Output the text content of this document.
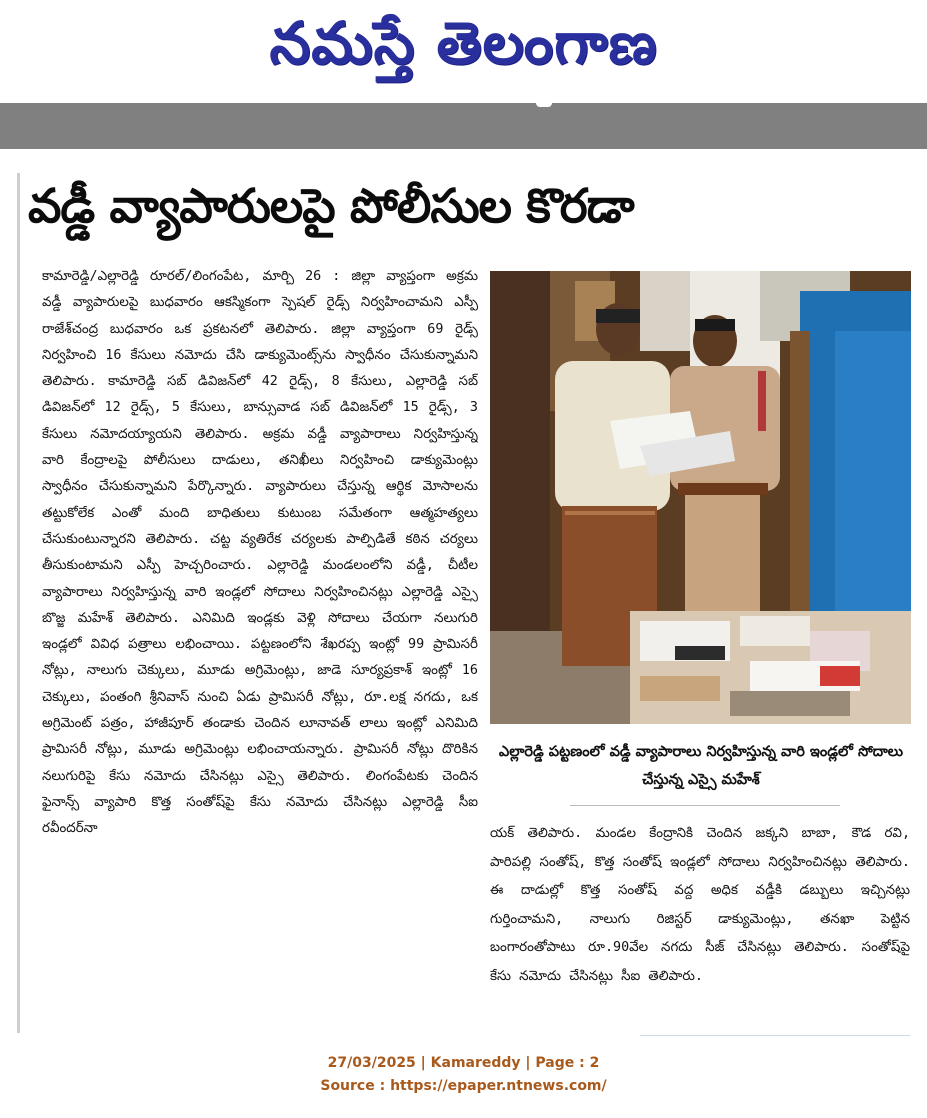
నమస్తే తెలంగాణ
వడ్డీ వ్యాపారులపై పోలీసుల కొరడా

కామారెడ్డి/ఎల్లారెడ్డి రూరల్/లింగంపేట, మార్చి 26 : జిల్లా వ్యాప్తంగా అక్రమ వడ్డీ వ్యాపారులపై బుధవారం ఆకస్మికంగా స్పెషల్ రైడ్స్ నిర్వహించామని ఎస్పీ రాజేశ్‌చంద్ర బుధవారం ఒక ప్రకటనలో తెలిపారు. జిల్లా వ్యాప్తంగా 69 రైడ్స్ నిర్వహించి 16 కేసులు నమోదు చేసి డాక్యుమెంట్స్‌ను స్వాధీనం చేసుకున్నామని తెలిపారు. కామారెడ్డి సబ్ డివిజన్‌లో 42 రైడ్స్, 8 కేసులు, ఎల్లారెడ్డి సబ్ డివిజన్‌లో 12 రైడ్స్, 5 కేసులు, బాన్సువాడ సబ్ డివిజన్‌లో 15 రైడ్స్, 3 కేసులు నమోదయ్యాయని తెలిపారు. అక్రమ వడ్డీ వ్యాపారాలు నిర్వహిస్తున్న వారి కేంద్రాలపై పోలీసులు దాడులు, తనిఖీలు నిర్వహించి డాక్యుమెంట్లు స్వాధీనం చేసుకున్నామని పేర్కొన్నారు. వ్యాపారులు చేస్తున్న ఆర్థిక మోసాలను తట్టుకోలేక ఎంతో మంది బాధితులు కుటుంబ సమేతంగా ఆత్మహత్యలు చేసుకుంటున్నారని తెలిపారు. చట్ట వ్యతిరేక చర్యలకు పాల్పిడితే కఠిన చర్యలు తీసుకుంటామని ఎస్పీ హెచ్చరించారు. ఎల్లారెడ్డి మండలంలోని వడ్డీ, చీటీల వ్యాపారాలు నిర్వహిస్తున్న వారి ఇండ్లలో సోదాలు నిర్వహించినట్లు ఎల్లారెడ్డి ఎస్సై బొజ్జ మహేశ్ తెలిపారు. ఎనిమిది ఇండ్లకు వెళ్లి సోదాలు చేయగా నలుగురి ఇండ్లలో వివిధ పత్రాలు లభించాయి. పట్టణంలోని శేఖరప్ప ఇంట్లో 99 ప్రామిసరీ నోట్లు, నాలుగు చెక్కులు, మూడు అగ్రిమెంట్లు, జాడె సూర్యప్రకాశ్ ఇంట్లో 16 చెక్కులు, పంతంగి శ్రీనివాస్ నుంచి ఏడు ప్రామిసరీ నోట్లు, రూ.లక్ష నగదు, ఒక అగ్రిమెంట్ పత్రం, హాజీపూర్ తండాకు చెందిన లూనావత్ లాలు ఇంట్లో ఎనిమిది ప్రామిసరీ నోట్లు, మూడు అగ్రిమెంట్లు లభించాయన్నారు. ప్రామిసరీ నోట్లు దొరికిన నలుగురిపై కేసు నమోదు చేసినట్లు ఎస్సై తెలిపారు. లింగంపేటకు చెందిన ఫైనాన్స్ వ్యాపారి కొత్త సంతోష్‌పై కేసు నమోదు చేసినట్లు ఎల్లారెడ్డి సీఐ రవీందర్‌నా

ఎల్లారెడ్డి పట్టణంలో వడ్డీ వ్యాపారాలు నిర్వహిస్తున్న వారి ఇండ్లలో సోదాలు చేస్తున్న ఎస్సై మహేశ్

యక్ తెలిపారు. మండల కేంద్రానికి చెందిన జక్కని బాబా, కౌడ రవి, పారిపల్లి సంతోష్, కొత్త సంతోష్ ఇండ్లలో సోదాలు నిర్వహించినట్లు తెలిపారు. ఈ దాడుల్లో కొత్త సంతోష్ వద్ద అధిక వడ్డీకి డబ్బులు ఇచ్చినట్లు గుర్తించామని, నాలుగు రిజిస్టర్ డాక్యుమెంట్లు, తనఖా పెట్టిన బంగారంతోపాటు రూ.90వేల నగదు సీజ్ చేసినట్లు తెలిపారు. సంతోష్‌పై కేసు నమోదు చేసినట్లు సీఐ తెలిపారు.

27/03/2025 | Kamareddy | Page : 2
Source : https://epaper.ntnews.com/
